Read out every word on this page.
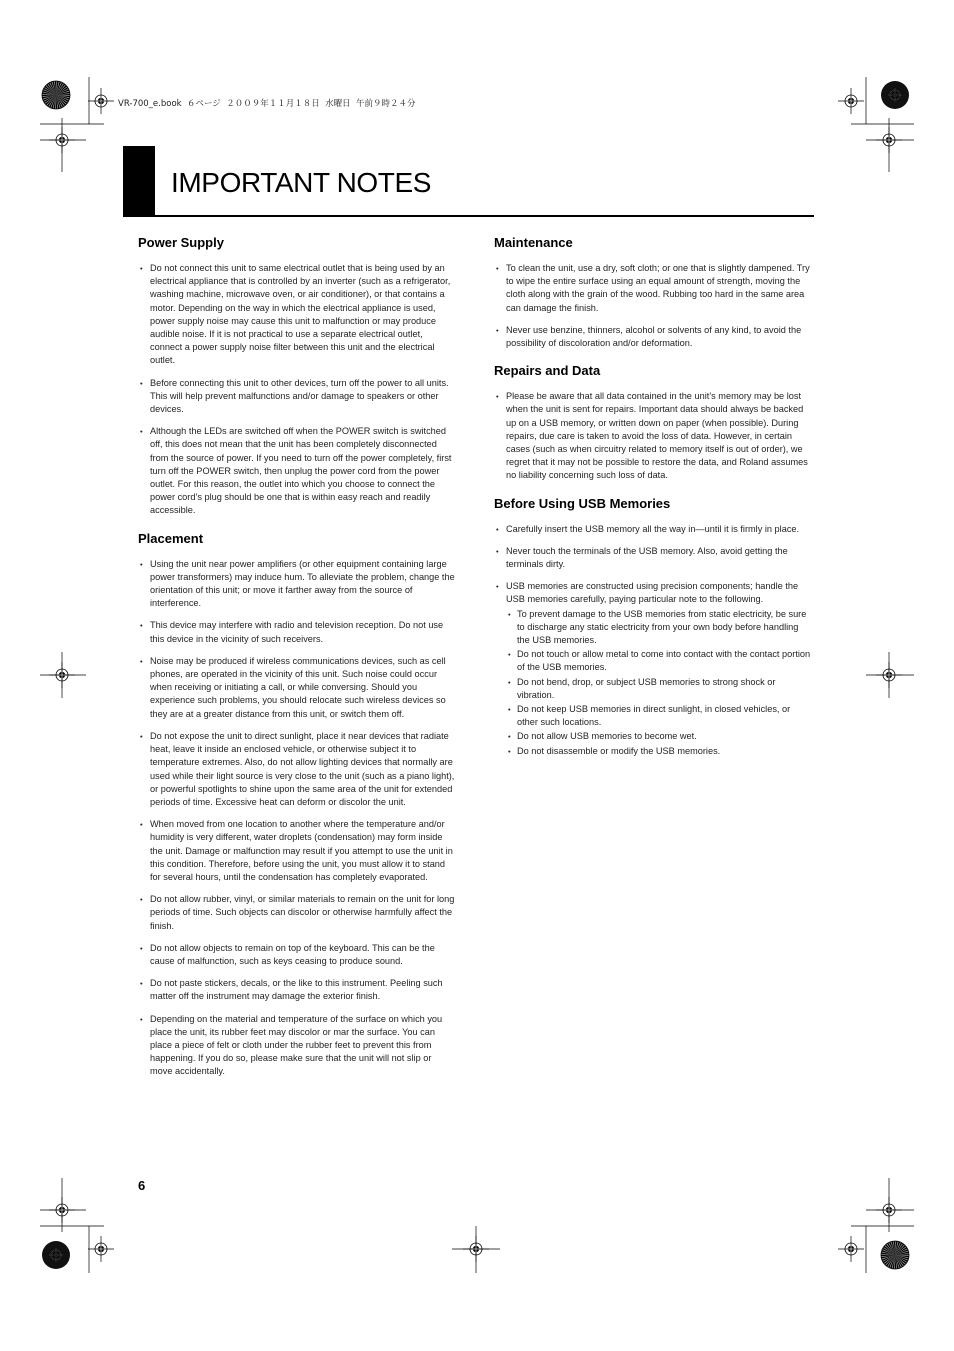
VR-700_e.book  ６ページ  ２００９年１１月１８日  水曜日  午前９時２４分
IMPORTANT NOTES
Power Supply
• Do not connect this unit to same electrical outlet that is being used by an electrical appliance that is controlled by an inverter (such as a refrigerator, washing machine, microwave oven, or air conditioner), or that contains a motor. Depending on the way in which the electrical appliance is used, power supply noise may cause this unit to malfunction or may produce audible noise. If it is not practical to use a separate electrical outlet, connect a power supply noise filter between this unit and the electrical outlet.
• Before connecting this unit to other devices, turn off the power to all units. This will help prevent malfunctions and/or damage to speakers or other devices.
• Although the LEDs are switched off when the POWER switch is switched off, this does not mean that the unit has been completely disconnected from the source of power. If you need to turn off the power completely, first turn off the POWER switch, then unplug the power cord from the power outlet. For this reason, the outlet into which you choose to connect the power cord’s plug should be one that is within easy reach and readily accessible.
Placement
• Using the unit near power amplifiers (or other equipment containing large power transformers) may induce hum. To alleviate the problem, change the orientation of this unit; or move it farther away from the source of interference.
• This device may interfere with radio and television reception. Do not use this device in the vicinity of such receivers.
• Noise may be produced if wireless communications devices, such as cell phones, are operated in the vicinity of this unit. Such noise could occur when receiving or initiating a call, or while conversing. Should you experience such problems, you should relocate such wireless devices so they are at a greater distance from this unit, or switch them off.
• Do not expose the unit to direct sunlight, place it near devices that radiate heat, leave it inside an enclosed vehicle, or otherwise subject it to temperature extremes. Also, do not allow lighting devices that normally are used while their light source is very close to the unit (such as a piano light), or powerful spotlights to shine upon the same area of the unit for extended periods of time. Excessive heat can deform or discolor the unit.
• When moved from one location to another where the temperature and/or humidity is very different, water droplets (condensation) may form inside the unit. Damage or malfunction may result if you attempt to use the unit in this condition. Therefore, before using the unit, you must allow it to stand for several hours, until the condensation has completely evaporated.
• Do not allow rubber, vinyl, or similar materials to remain on the unit for long periods of time. Such objects can discolor or otherwise harmfully affect the finish.
• Do not allow objects to remain on top of the keyboard. This can be the cause of malfunction, such as keys ceasing to produce sound.
• Do not paste stickers, decals, or the like to this instrument. Peeling such matter off the instrument may damage the exterior finish.
• Depending on the material and temperature of the surface on which you place the unit, its rubber feet may discolor or mar the surface. You can place a piece of felt or cloth under the rubber feet to prevent this from happening. If you do so, please make sure that the unit will not slip or move accidentally.
Maintenance
• To clean the unit, use a dry, soft cloth; or one that is slightly dampened. Try to wipe the entire surface using an equal amount of strength, moving the cloth along with the grain of the wood. Rubbing too hard in the same area can damage the finish.
• Never use benzine, thinners, alcohol or solvents of any kind, to avoid the possibility of discoloration and/or deformation.
Repairs and Data
• Please be aware that all data contained in the unit’s memory may be lost when the unit is sent for repairs. Important data should always be backed up on a USB memory, or written down on paper (when possible). During repairs, due care is taken to avoid the loss of data. However, in certain cases (such as when circuitry related to memory itself is out of order), we regret that it may not be possible to restore the data, and Roland assumes no liability concerning such loss of data.
Before Using USB Memories
• Carefully insert the USB memory all the way in—until it is firmly in place.
• Never touch the terminals of the USB memory. Also, avoid getting the terminals dirty.
• USB memories are constructed using precision components; handle the USB memories carefully, paying particular note to the following.
• To prevent damage to the USB memories from static electricity, be sure to discharge any static electricity from your own body before handling the USB memories.
• Do not touch or allow metal to come into contact with the contact portion of the USB memories.
• Do not bend, drop, or subject USB memories to strong shock or vibration.
• Do not keep USB memories in direct sunlight, in closed vehicles, or other such locations.
• Do not allow USB memories to become wet.
• Do not disassemble or modify the USB memories.
6
